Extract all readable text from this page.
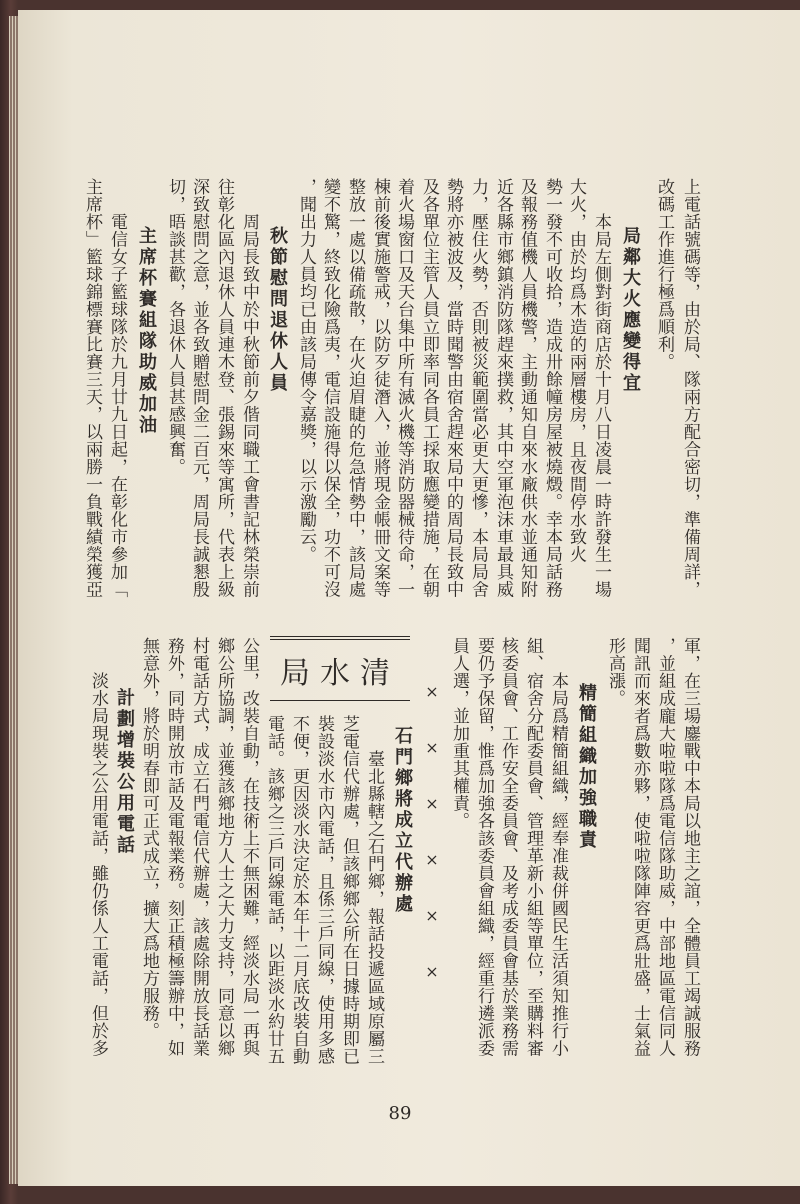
上電話號碼等，由於局、隊兩方配合密切，準備周詳，
改碼工作進行極爲順利。
局鄰大火應變得宜
本局左側對街商店於十月八日凌晨一時許發生一場
大火，由於均爲木造的兩層樓房，且夜間停水致火
勢一發不可收拾，造成卅餘幢房屋被燒燬。幸本局話務
及報務值機人員機警，主動通知自來水廠供水並通知附
近各縣市鄉鎮消防隊趕來撲救，其中空軍泡沫車最具威
力，壓住火勢，否則被災範圍當必更大更慘，本局局舍
勢將亦被波及，當時聞警由宿舍趕來局中的周局長致中
及各單位主管人員立即率同各員工採取應變措施，在朝
着火場窗口及天台集中所有滅火機等消防器械待命，一
棟前後實施警戒，以防歹徒潛入，並將現金帳冊文案等
整放一處以備疏散，在火迫眉睫的危急情勢中，該局處
變不驚，終致化險爲夷，電信設施得以保全，功不可沒
，聞出力人員均已由該局傳令嘉獎，以示激勵云。
秋節慰問退休人員
周局長致中於中秋節前夕偕同職工會書記林榮崇前
往彰化區內退休人員連木登、張錫來等寓所，代表上級
深致慰問之意，並各致贈慰問金二百元，周局長誠懇殷
切，晤談甚歡，各退休人員甚感興奮。
主席杯賽組隊助威加油
電信女子籃球隊於九月廿九日起，在彰化市參加「
主席杯」籃球錦標賽比賽三天，以兩勝一負戰績榮獲亞
軍，在三場鏖戰中本局以地主之誼，全體員工竭誠服務
，並組成龐大啦啦隊爲電信隊助威，中部地區電信同人
聞訊而來者爲數亦夥，使啦啦隊陣容更爲壯盛，士氣益
形高漲。
精簡組織加強職責
本局爲精簡組織，經奉准裁併國民生活須知推行小
組、宿舍分配委員會、管理革新小組等單位，至購料審
核委員會、工作安全委員會、及考成委員會基於業務需
要仍予保留，惟爲加強各該委員會組織，經重行遴派委
員人選，並加重其權責。
×
×
×
×
×
×
清水局
石門鄉將成立代辦處
臺北縣轄之石門鄉，報話投遞區域原屬三
芝電信代辦處，但該鄉鄉公所在日據時期即已
裝設淡水市內電話，且係三戶同線，使用多感
不便，更因淡水決定於本年十二月底改裝自動
電話。該鄉之三戶同線電話，以距淡水約廿五
公里，改裝自動，在技術上不無困難，經淡水局一再與
鄉公所協調，並獲該鄉地方人士之大力支持，同意以鄉
村電話方式，成立石門電信代辦處，該處除開放長話業
務外，同時開放市話及電報業務。刻正積極籌辦中，如
無意外，將於明春即可正式成立，擴大爲地方服務。
計劃增裝公用電話
淡水局現裝之公用電話，雖仍係人工電話，但於多
89
